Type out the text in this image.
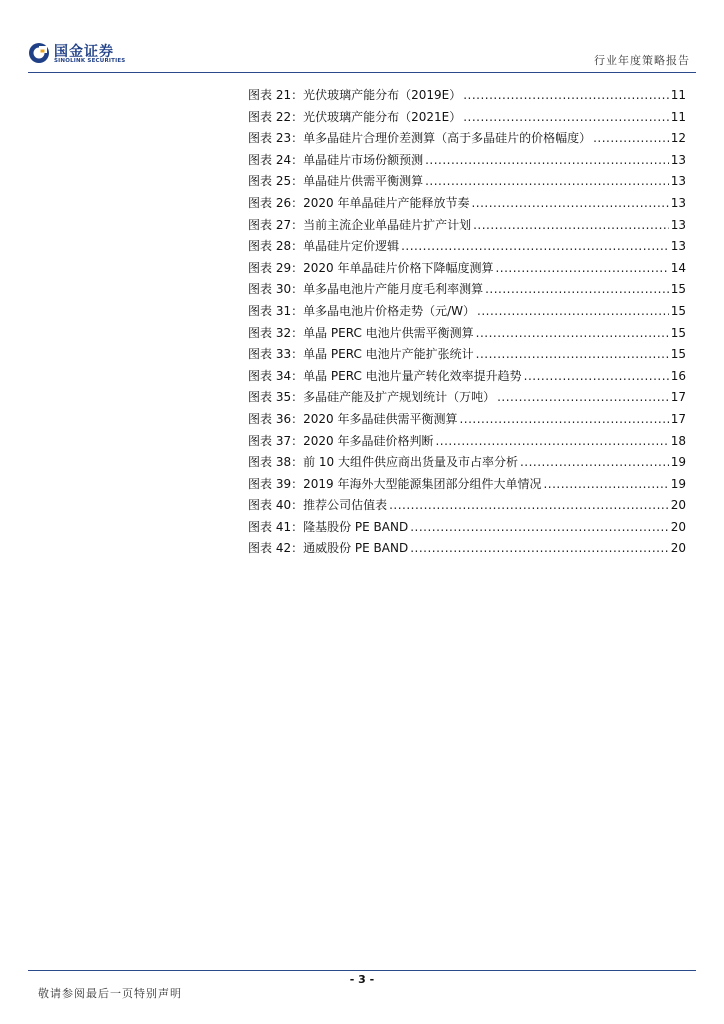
国金证券
SINOLINK SECURITIES	行业年度策略报告
图表 21：光伏玻璃产能分布（2019E） .....	11
图表 22：光伏玻璃产能分布（2021E） .....	11
图表 23：单多晶硅片合理价差测算（高于多晶硅片的价格幅度） .....	12
图表 24：单晶硅片市场份额预测 .....	13
图表 25：单晶硅片供需平衡测算 .....	13
图表 26：2020 年单晶硅片产能释放节奏 .....	13
图表 27：当前主流企业单晶硅片扩产计划 .....	13
图表 28：单晶硅片定价逻辑 .....	13
图表 29：2020 年单晶硅片价格下降幅度测算 .....	14
图表 30：单多晶电池片产能月度毛利率测算 .....	15
图表 31：单多晶电池片价格走势（元/W） .....	15
图表 32：单晶 PERC 电池片供需平衡测算 .....	15
图表 33：单晶 PERC 电池片产能扩张统计 .....	15
图表 34：单晶 PERC 电池片量产转化效率提升趋势 .....	16
图表 35：多晶硅产能及扩产规划统计（万吨） .....	17
图表 36：2020 年多晶硅供需平衡测算 .....	17
图表 37：2020 年多晶硅价格判断 .....	18
图表 38：前 10 大组件供应商出货量及市占率分析 .....	19
图表 39：2019 年海外大型能源集团部分组件大单情况 .....	19
图表 40：推荐公司估值表 .....	20
图表 41：隆基股份 PE BAND .....	20
图表 42：通威股份 PE BAND .....	20
- 3 -
敬请参阅最后一页特别声明
